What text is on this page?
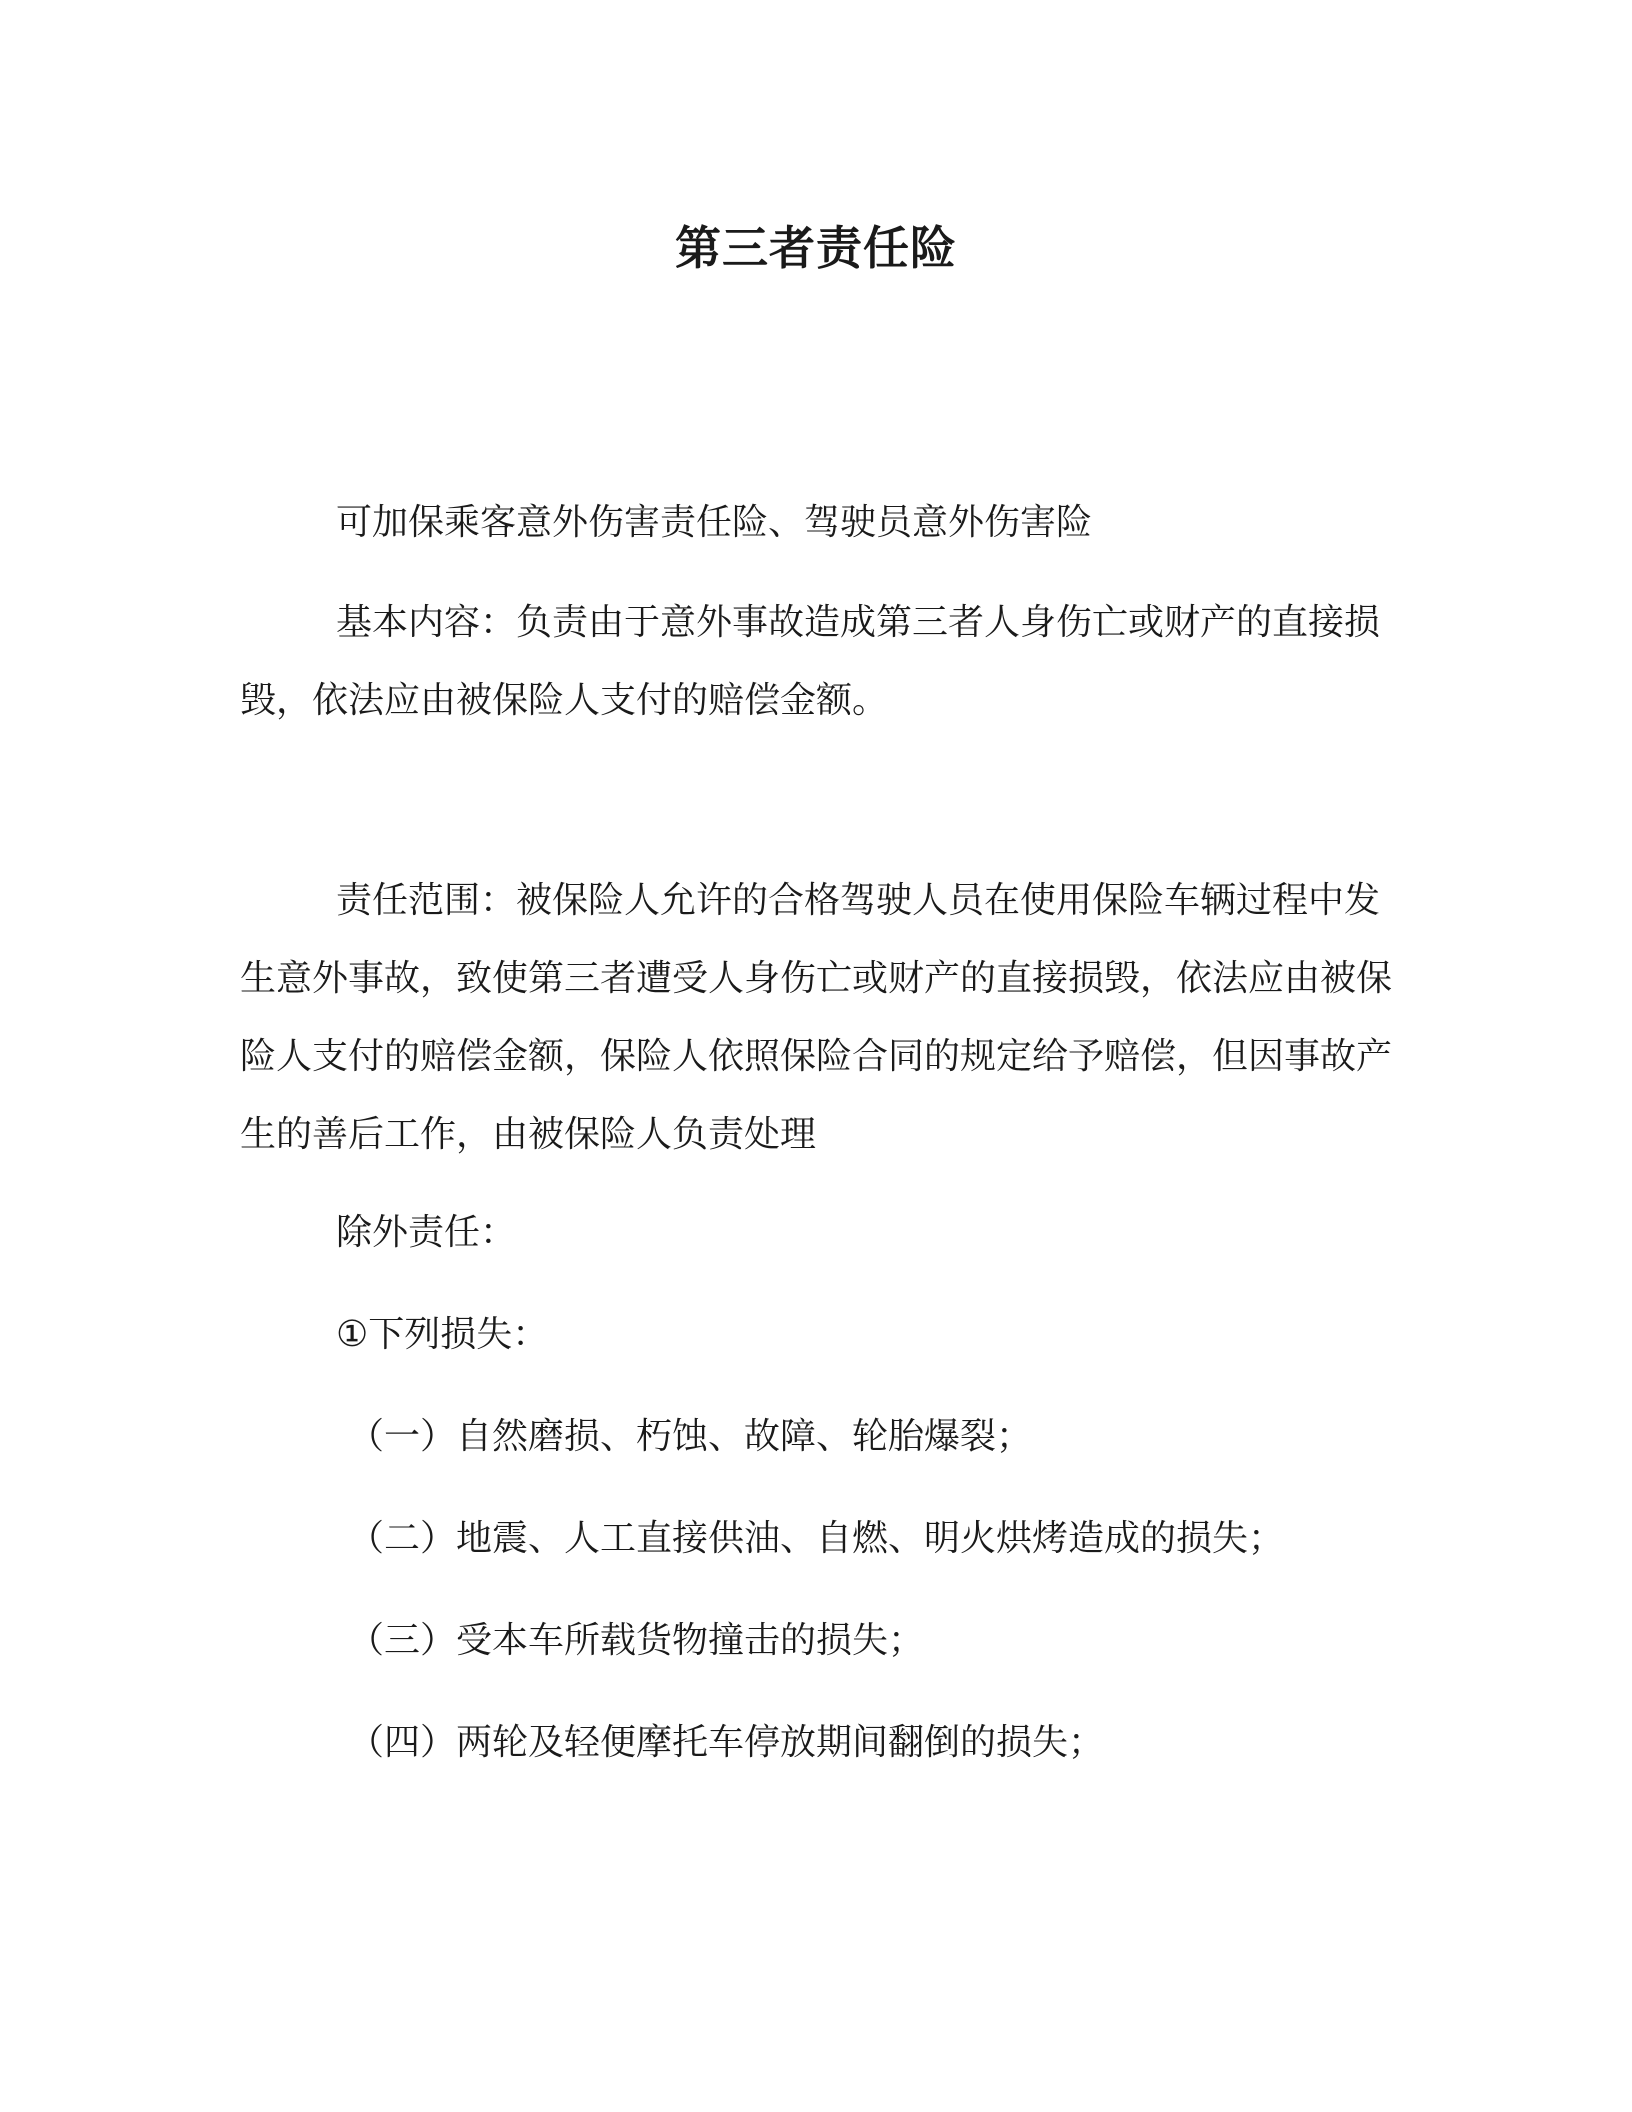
第三者责任险

可加保乘客意外伤害责任险、驾驶员意外伤害险

基本内容：负责由于意外事故造成第三者人身伤亡或财产的直接损毁，依法应由被保险人支付的赔偿金额。

责任范围：被保险人允许的合格驾驶人员在使用保险车辆过程中发生意外事故，致使第三者遭受人身伤亡或财产的直接损毁，依法应由被保险人支付的赔偿金额，保险人依照保险合同的规定给予赔偿，但因事故产生的善后工作，由被保险人负责处理

除外责任：

①下列损失：

（一）自然磨损、朽蚀、故障、轮胎爆裂；

（二）地震、人工直接供油、自燃、明火烘烤造成的损失；

（三）受本车所载货物撞击的损失；

（四）两轮及轻便摩托车停放期间翻倒的损失；
